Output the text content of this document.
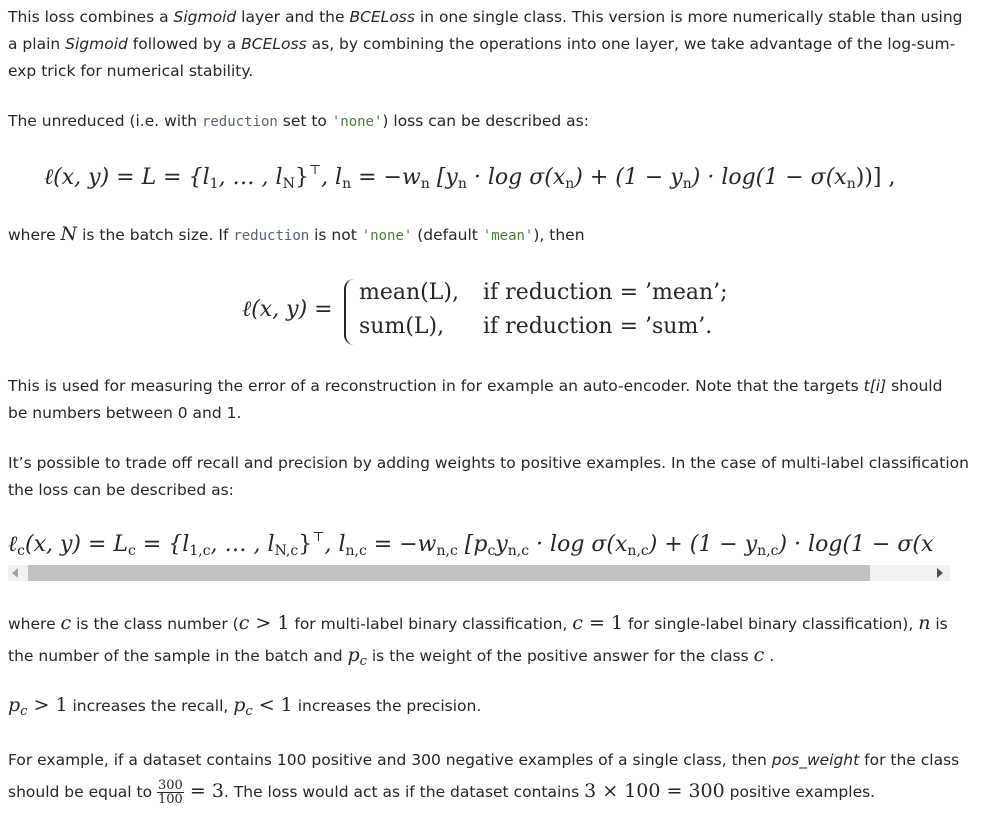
This loss combines a Sigmoid layer and the BCELoss in one single class. This version is more numerically stable than using
a plain Sigmoid followed by a BCELoss as, by combining the operations into one layer, we take advantage of the log-sum-
exp trick for numerical stability.

The unreduced (i.e. with reduction set to 'none') loss can be described as:

ℓ(x, $y) = L = \{l_1$, … , $l_N\}^⊤$, $l_n = -w_n$ $[y_n \cdot \log \sigma(x_n) + (1 - y_n) \cdot \log(1 - \sigma(x_n))]$ ,

where N is the batch size. If reduction is not 'none' (default 'mean'), then

ℓ(x, y) =
mean(L), if reduction = ’mean’;
sum(L), if reduction = ’sum’.

This is used for measuring the error of a reconstruction in for example an auto-encoder. Note that the targets t[i] should
be numbers between 0 and 1.

It’s possible to trade off recall and precision by adding weights to positive examples. In the case of multi-label classification
the loss can be described as:

ℓ$_c$(x, $y) = L_c = \{l_{1,c}$, … , $l_{N,c}\}^⊤$, $l_{n,c} = -w_{n,c}$ [$p_cy_{n,c} \cdot \log \sigma(x_{n,c}) + (1 - y_{n,c}) \cdot \log(1 - \sigma(x$

where c is the class number (c > 1 for multi-label binary classification, c = 1 for single-label binary classification), n is
the number of the sample in the batch and $p_c$ is the weight of the positive answer for the class c .

$p_c > 1$ increases the recall, $p_c < 1$ increases the precision.

For example, if a dataset contains 100 positive and 300 negative examples of a single class, then pos_weight for the class
should be equal to $\frac{300}{100} = 3$. The loss would act as if the dataset contains 3 × 100 = 300 positive examples.
